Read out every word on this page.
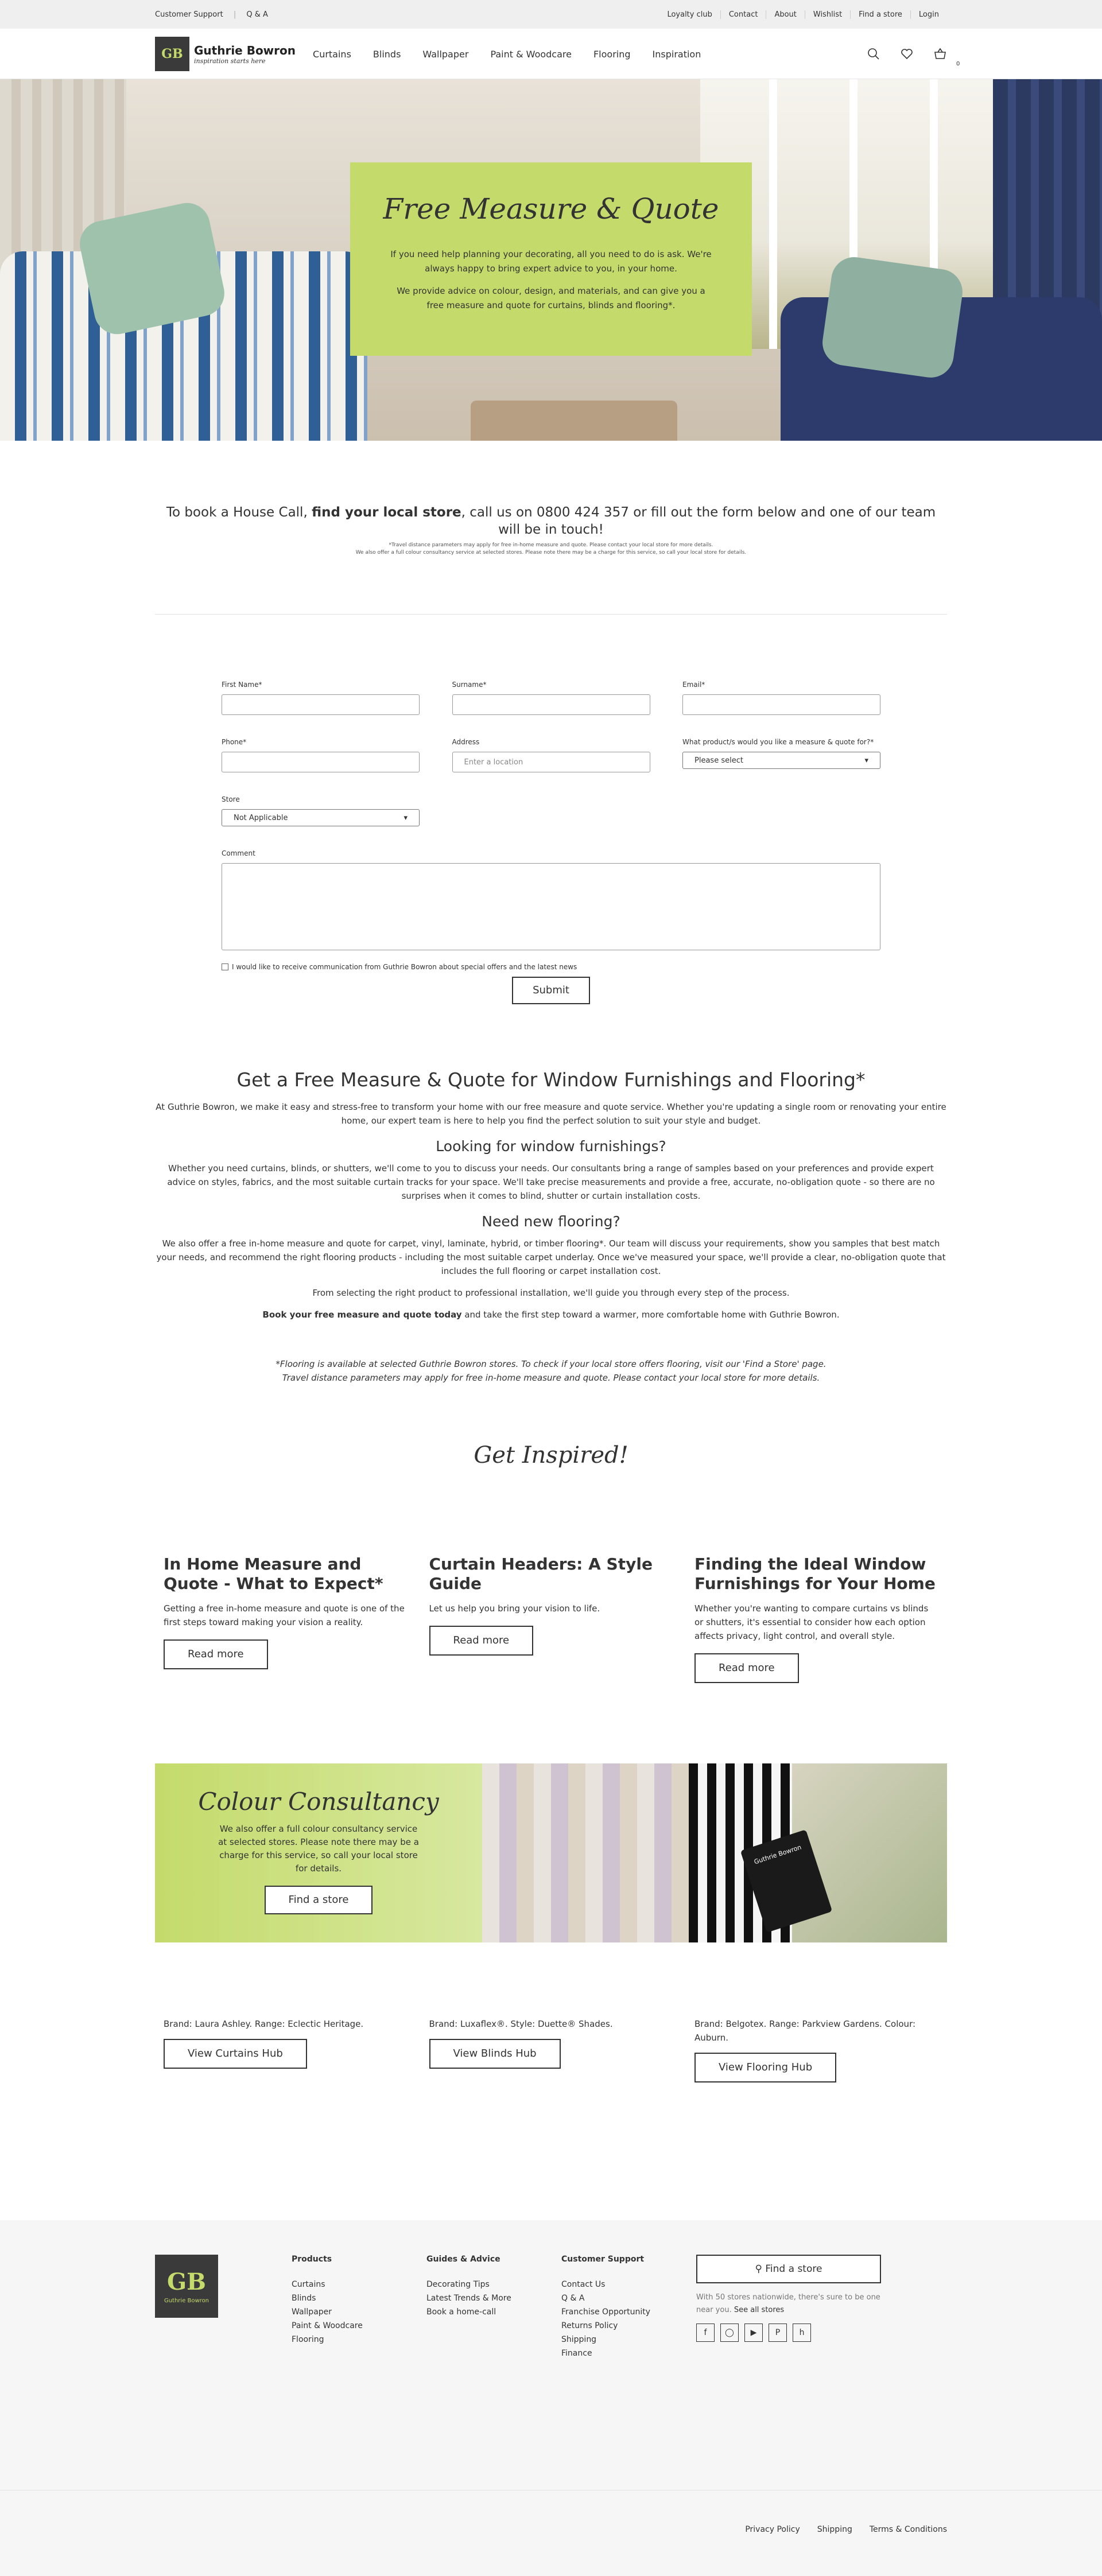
Customer Support | Q & A	Loyalty club	Contact	About	Wishlist	Find a store	Login
GB Guthrie Bowron
inspiration starts here
Curtains Blinds Wallpaper Paint & Woodcare Flooring Inspiration
0
Free Measure & Quote

If you need help planning your decorating, all you need to do is ask. We're always happy to bring expert advice to you, in your home.

We provide advice on colour, design, and materials, and can give you a free measure and quote for curtains, blinds and flooring*.

To book a House Call, find your local store, call us on 0800 424 357 or fill out the form below and one of our team will be in touch!
*Travel distance parameters may apply for free in-home measure and quote. Please contact your local store for more details.
We also offer a full colour consultancy service at selected stores. Please note there may be a charge for this service, so call your local store for details.
First Name*	Surname*	Email*
Phone*	Address
Enter a location
What product/s would you like a measure & quote for?*
Please select	▾
Store
Not Applicable	▾
Comment
I would like to receive communication from Guthrie Bowron about special offers and the latest news
Submit
Get a Free Measure & Quote for Window Furnishings and Flooring*

At Guthrie Bowron, we make it easy and stress-free to transform your home with our free measure and quote service. Whether you're updating a single room or renovating your entire home, our expert team is here to help you find the perfect solution to suit your style and budget.

Looking for window furnishings?

Whether you need curtains, blinds, or shutters, we'll come to you to discuss your needs. Our consultants bring a range of samples based on your preferences and provide expert advice on styles, fabrics, and the most suitable curtain tracks for your space. We'll take precise measurements and provide a free, accurate, no-obligation quote - so there are no surprises when it comes to blind, shutter or curtain installation costs.

Need new flooring?

We also offer a free in-home measure and quote for carpet, vinyl, laminate, hybrid, or timber flooring*. Our team will discuss your requirements, show you samples that best match your needs, and recommend the right flooring products - including the most suitable carpet underlay. Once we've measured your space, we'll provide a clear, no-obligation quote that includes the full flooring or carpet installation cost.

From selecting the right product to professional installation, we'll guide you through every step of the process.

Book your free measure and quote today and take the first step toward a warmer, more comfortable home with Guthrie Bowron.

*Flooring is available at selected Guthrie Bowron stores. To check if your local store offers flooring, visit our 'Find a Store' page.

Travel distance parameters may apply for free in-home measure and quote. Please contact your local store for more details.

Get Inspired!
In Home Measure and Quote - What to Expect*

Getting a free in-home measure and quote is one of the first steps toward making your vision a reality.

Read more
Curtain Headers: A Style Guide

Let us help you bring your vision to life.

Read more
Finding the Ideal Window Furnishings for Your Home

Whether you're wanting to compare curtains vs blinds or shutters, it's essential to consider how each option affects privacy, light control, and overall style.

Read more
Colour Consultancy

We also offer a full colour consultancy service at selected stores. Please note there may be a charge for this service, so call your local store for details.

Find a store
Guthrie Bowron

Brand: Laura Ashley. Range: Eclectic Heritage.

View Curtains Hub

Brand: Luxaflex®. Style: Duette® Shades.

View Blinds Hub

Brand: Belgotex. Range: Parkview Gardens. Colour: Auburn.

View Flooring Hub
GB
Guthrie Bowron
Products
Curtains
Blinds
Wallpaper
Paint & Woodcare
Flooring
Guides & Advice
Decorating Tips
Latest Trends & More
Book a home-call
Customer Support
Contact Us
Q & A
Franchise Opportunity
Returns Policy
Shipping
Finance
⚲ Find a store

With 50 stores nationwide, there's sure to be one near you. See all stores

f	◯	▶	P	h
Privacy Policy Shipping Terms & Conditions
